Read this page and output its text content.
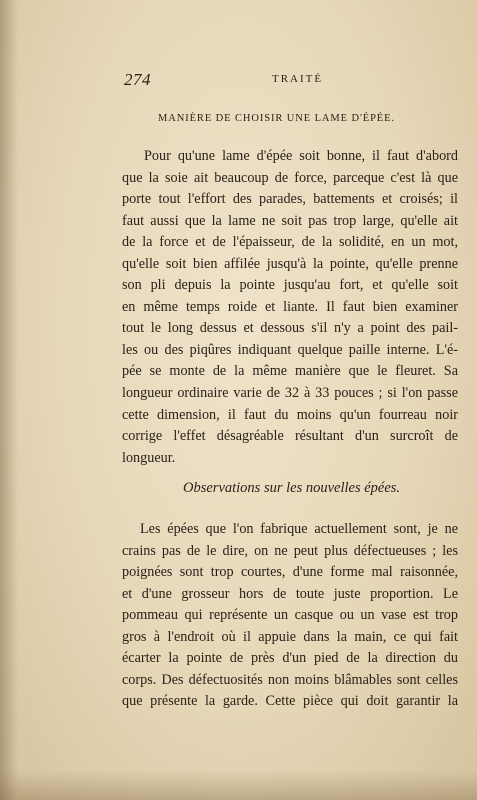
274	TRAITÉ
MANIÈRE DE CHOISIR UNE LAME D'ÉPÉE.
Pour qu'une lame d'épée soit bonne, il faut d'abord
que la soie ait beaucoup de force, parceque c'est là que
porte tout l'effort des parades, battements et croisés; il
faut aussi que la lame ne soit pas trop large, qu'elle ait
de la force et de l'épaisseur, de la solidité, en un mot,
qu'elle soit bien affilée jusqu'à la pointe, qu'elle prenne
son pli depuis la pointe jusqu'au fort, et qu'elle soit
en même temps roide et liante. Il faut bien examiner
tout le long dessus et dessous s'il n'y a point des pail-
les ou des piqûres indiquant quelque paille interne. L'é-
pée se monte de la même manière que le fleuret. Sa
longueur ordinaire varie de 32 à 33 pouces ; si l'on passe
cette dimension, il faut du moins qu'un fourreau noir
corrige l'effet désagréable résultant d'un surcroît de
longueur.
Observations sur les nouvelles épées.
Les épées que l'on fabrique actuellement sont, je ne
crains pas de le dire, on ne peut plus défectueuses ; les
poignées sont trop courtes, d'une forme mal raisonnée,
et d'une grosseur hors de toute juste proportion. Le
pommeau qui représente un casque ou un vase est trop
gros à l'endroit où il appuie dans la main, ce qui fait
écarter la pointe de près d'un pied de la direction du
corps. Des défectuosités non moins blâmables sont celles
que présente la garde. Cette pièce qui doit garantir la
